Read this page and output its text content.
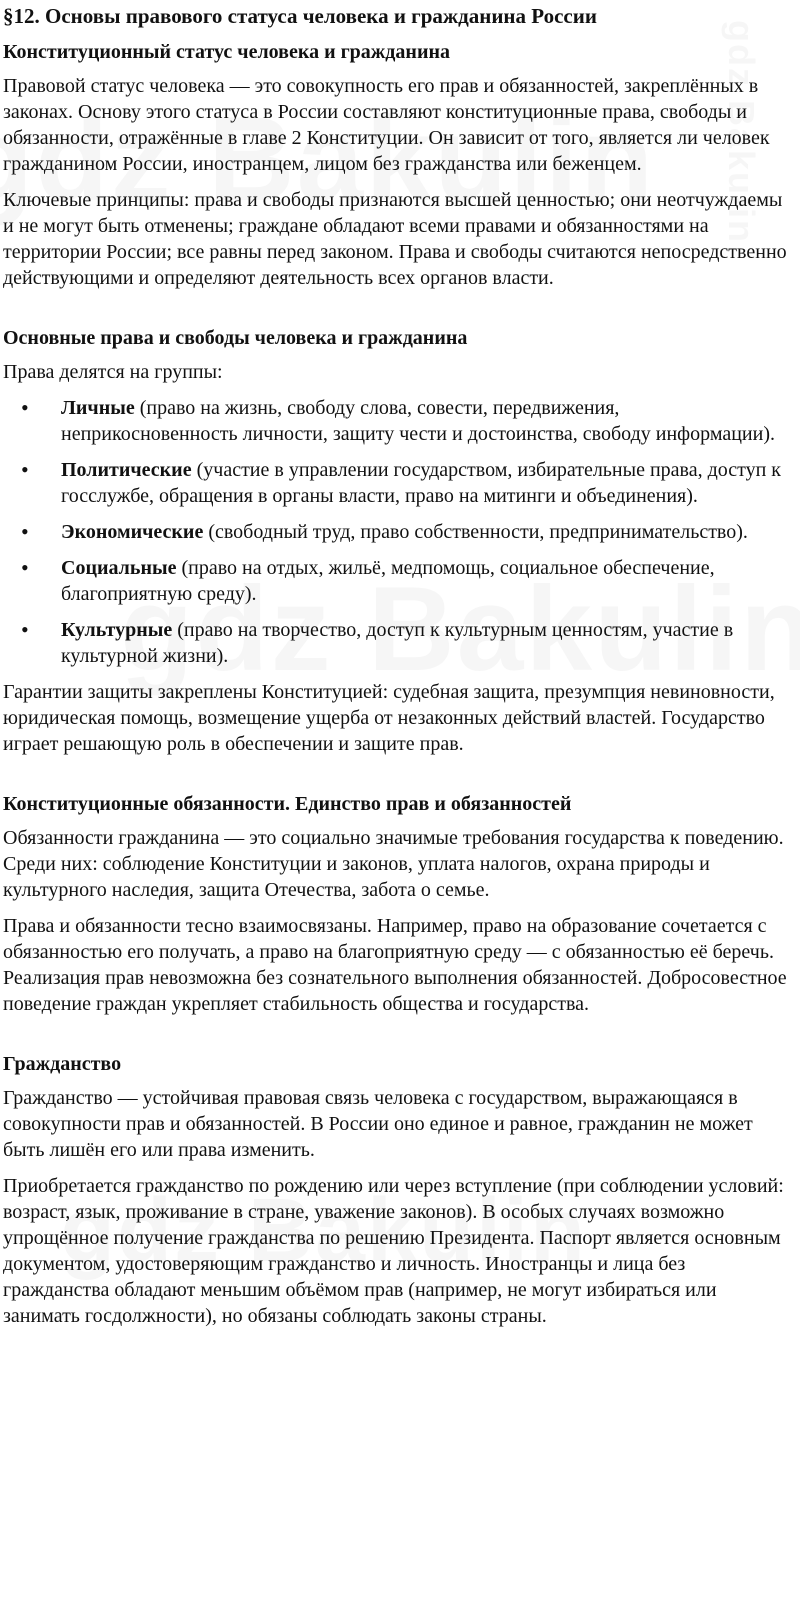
§12. Основы правового статуса человека и гражданина России
Конституционный статус человека и гражданина

Правовой статус человека — это совокупность его прав и обязанностей, закреплённых в законах. Основу этого статуса в России составляют конституционные права, свободы и обязанности, отражённые в главе 2 Конституции. Он зависит от того, является ли человек гражданином России, иностранцем, лицом без гражданства или беженцем.

Ключевые принципы: права и свободы признаются высшей ценностью; они неотчуждаемы и не могут быть отменены; граждане обладают всеми правами и обязанностями на территории России; все равны перед законом. Права и свободы считаются непосредственно действующими и определяют деятельность всех органов власти.

Основные права и свободы человека и гражданина

Права делятся на группы:

• Личные (право на жизнь, свободу слова, совести, передвижения, неприкосновенность личности, защиту чести и достоинства, свободу информации).
• Политические (участие в управлении государством, избирательные права, доступ к госслужбе, обращения в органы власти, право на митинги и объединения).
• Экономические (свободный труд, право собственности, предпринимательство).
• Социальные (право на отдых, жильё, медпомощь, социальное обеспечение, благоприятную среду).
• Культурные (право на творчество, доступ к культурным ценностям, участие в культурной жизни).

Гарантии защиты закреплены Конституцией: судебная защита, презумпция невиновности, юридическая помощь, возмещение ущерба от незаконных действий властей. Государство играет решающую роль в обеспечении и защите прав.

Конституционные обязанности. Единство прав и обязанностей

Обязанности гражданина — это социально значимые требования государства к поведению. Среди них: соблюдение Конституции и законов, уплата налогов, охрана природы и культурного наследия, защита Отечества, забота о семье.

Права и обязанности тесно взаимосвязаны. Например, право на образование сочетается с обязанностью его получать, а право на благоприятную среду — с обязанностью её беречь. Реализация прав невозможна без сознательного выполнения обязанностей. Добросовестное поведение граждан укрепляет стабильность общества и государства.

Гражданство

Гражданство — устойчивая правовая связь человека с государством, выражающаяся в совокупности прав и обязанностей. В России оно единое и равное, гражданин не может быть лишён его или права изменить.

Приобретается гражданство по рождению или через вступление (при соблюдении условий: возраст, язык, проживание в стране, уважение законов). В особых случаях возможно упрощённое получение гражданства по решению Президента. Паспорт является основным документом, удостоверяющим гражданство и личность. Иностранцы и лица без гражданства обладают меньшим объёмом прав (например, не могут избираться или занимать госдолжности), но обязаны соблюдать законы страны.
